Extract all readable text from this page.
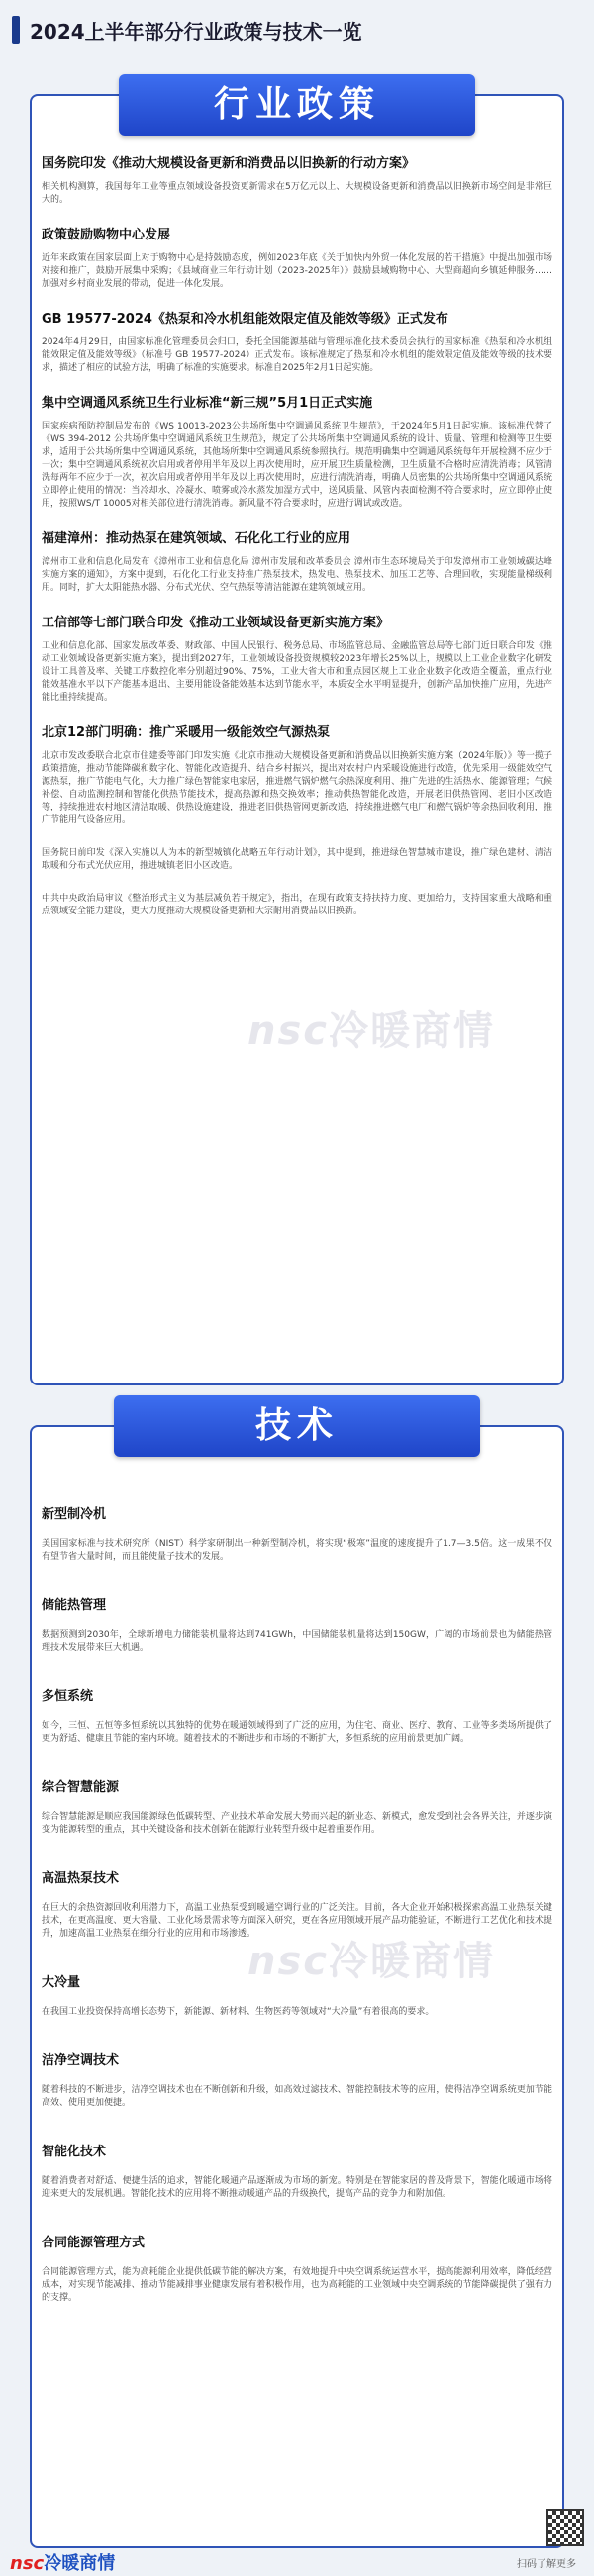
2024上半年部分行业政策与技术一览
国务院印发《推动大规模设备更新和消费品以旧换新的行动方案》
相关机构测算，我国每年工业等重点领域设备投资更新需求在5万亿元以上、大规模设备更新和消费品以旧换新市场空间是非常巨大的。
政策鼓励购物中心发展
近年来政策在国家层面上对于购物中心是持鼓励态度，例如2023年底《关于加快内外贸一体化发展的若干措施》中提出加强市场对接和推广，鼓励开展集中采购；《县域商业三年行动计划（2023-2025年）》鼓励县域购物中心、大型商超向乡镇延伸服务……加强对乡村商业发展的带动，促进一体化发展。
GB 19577-2024《热泵和冷水机组能效限定值及能效等级》正式发布
2024年4月29日，由国家标准化管理委员会归口，委托全国能源基础与管理标准化技术委员会执行的国家标准《热泵和冷水机组能效限定值及能效等级》（标准号 GB 19577-2024）正式发布。该标准规定了热泵和冷水机组的能效限定值及能效等级的技术要求，描述了相应的试验方法，明确了标准的实施要求。标准自2025年2月1日起实施。
集中空调通风系统卫生行业标准“新三规”5月1日正式实施
国家疾病预防控制局发布的《WS 10013-2023公共场所集中空调通风系统卫生规范》，于2024年5月1日起实施。该标准代替了《WS 394-2012 公共场所集中空调通风系统卫生规范》，规定了公共场所集中空调通风系统的设计、质量、管理和检测等卫生要求，适用于公共场所集中空调通风系统，其他场所集中空调通风系统参照执行。规范明确集中空调通风系统每年开展检测不应少于一次；集中空调通风系统初次启用或者停用半年及以上再次使用时，应开展卫生质量检测，卫生质量不合格时应清洗消毒；风管清洗每两年不应少于一次，初次启用或者停用半年及以上再次使用时，应进行清洗消毒，明确人员密集的公共场所集中空调通风系统立即停止使用的情况：当冷却水、冷凝水、喷雾或冷水蒸发加湿方式中，送风质量、风管内表面检测不符合要求时，应立即停止使用，按照WS/T 10005对相关部位进行清洗消毒。新风量不符合要求时，应进行调试或改造。
福建漳州：推动热泵在建筑领域、石化化工行业的应用
漳州市工业和信息化局发布《漳州市工业和信息化局 漳州市发展和改革委员会 漳州市生态环境局关于印发漳州市工业领域碳达峰实施方案的通知》，方案中提到，石化化工行业支持推广热泵技术，热发电、热泵技术、加压工艺等、合理回收，实现能量梯级利用。同时，扩大太阳能热水器、分布式光伏、空气热泵等清洁能源在建筑领域应用。
工信部等七部门联合印发《推动工业领域设备更新实施方案》
工业和信息化部、国家发展改革委、财政部、中国人民银行、税务总局、市场监管总局、金融监管总局等七部门近日联合印发《推动工业领域设备更新实施方案》，提出到2027年，工业领域设备投资规模较2023年增长25%以上，规模以上工业企业数字化研发设计工具普及率、关键工序数控化率分别超过90%、75%，工业大省大市和重点园区规上工业企业数字化改造全覆盖，重点行业能效基准水平以下产能基本退出、主要用能设备能效基本达到节能水平，本质安全水平明显提升，创新产品加快推广应用，先进产能比重持续提高。
北京12部门明确：推广采暖用一级能效空气源热泵
北京市发改委联合北京市住建委等部门印发实施《北京市推动大规模设备更新和消费品以旧换新实施方案（2024年版）》等一揽子政策措施，推动节能降碳和数字化、智能化改造提升、结合乡村振兴，提出对农村户内采暖设施进行改造，优先采用一级能效空气源热泵，推广节能电气化，大力推广绿色智能家电家居，推进燃气锅炉燃气余热深度利用、推广先进的生活热水、能源管理；气候补偿、自动监测控制和智能化供热节能技术，提高热源和热交换效率；推动供热智能化改造，开展老旧供热管网、老旧小区改造等，持续推进农村地区清洁取暖、供热设施建设，推进老旧供热管网更新改造，持续推进燃气电厂和燃气锅炉等余热回收利用，推广节能用气设备应用。
国务院日前印发《深入实施以人为本的新型城镇化战略五年行动计划》，其中提到，推进绿色智慧城市建设，推广绿色建材、清洁取暖和分布式光伏应用，推进城镇老旧小区改造。
中共中央政治局审议《整治形式主义为基层减负若干规定》，指出，在现有政策支持扶持力度、更加给力，支持国家重大战略和重点领域安全能力建设，更大力度推动大规模设备更新和大宗耐用消费品以旧换新。
行业政策
新型制冷机
美国国家标准与技术研究所（NIST）科学家研制出一种新型制冷机，将实现“极寒”温度的速度提升了1.7—3.5倍。这一成果不仅有望节省大量时间，而且能使量子技术的发展。
储能热管理
数据预测到2030年，全球新增电力储能装机量将达到741GWh，中国储能装机量将达到150GW，广阔的市场前景也为储能热管理技术发展带来巨大机遇。
多恒系统
如今，三恒、五恒等多恒系统以其独特的优势在暖通领域得到了广泛的应用，为住宅、商业、医疗、教育、工业等多类场所提供了更为舒适、健康且节能的室内环境。随着技术的不断进步和市场的不断扩大，多恒系统的应用前景更加广阔。
综合智慧能源
综合智慧能源是顺应我国能源绿色低碳转型、产业技术革命发展大势而兴起的新业态、新模式，愈发受到社会各界关注，并逐步演变为能源转型的重点，其中关键设备和技术创新在能源行业转型升级中起着重要作用。
高温热泵技术
在巨大的余热资源回收利用潜力下，高温工业热泵受到暖通空调行业的广泛关注。目前，各大企业开始积极探索高温工业热泵关键技术，在更高温度、更大容量、工业化场景需求等方面深入研究，更在各应用领域开展产品功能验证，不断进行工艺优化和技术提升，加速高温工业热泵在细分行业的应用和市场渗透。
大冷量
在我国工业投资保持高增长态势下，新能源、新材料、生物医药等领域对“大冷量”有着很高的要求。
洁净空调技术
随着科技的不断进步，洁净空调技术也在不断创新和升级，如高效过滤技术、智能控制技术等的应用，使得洁净空调系统更加节能高效、使用更加便捷。
智能化技术
随着消费者对舒适、便捷生活的追求，智能化暖通产品逐渐成为市场的新宠。特别是在智能家居的普及背景下，智能化暖通市场将迎来更大的发展机遇。智能化技术的应用将不断推动暖通产品的升级换代，提高产品的竞争力和附加值。
合同能源管理方式
合同能源管理方式，能为高耗能企业提供低碳节能的解决方案，有效地提升中央空调系统运营水平，提高能源利用效率，降低经营成本，对实现节能减排、推动节能减排事业健康发展有着积极作用，也为高耗能的工业领域中央空调系统的节能降碳提供了强有力的支撑。
技术
nsc冷暖商情
nsc冷暖商情
nsc冷暖商情	扫码了解更多
